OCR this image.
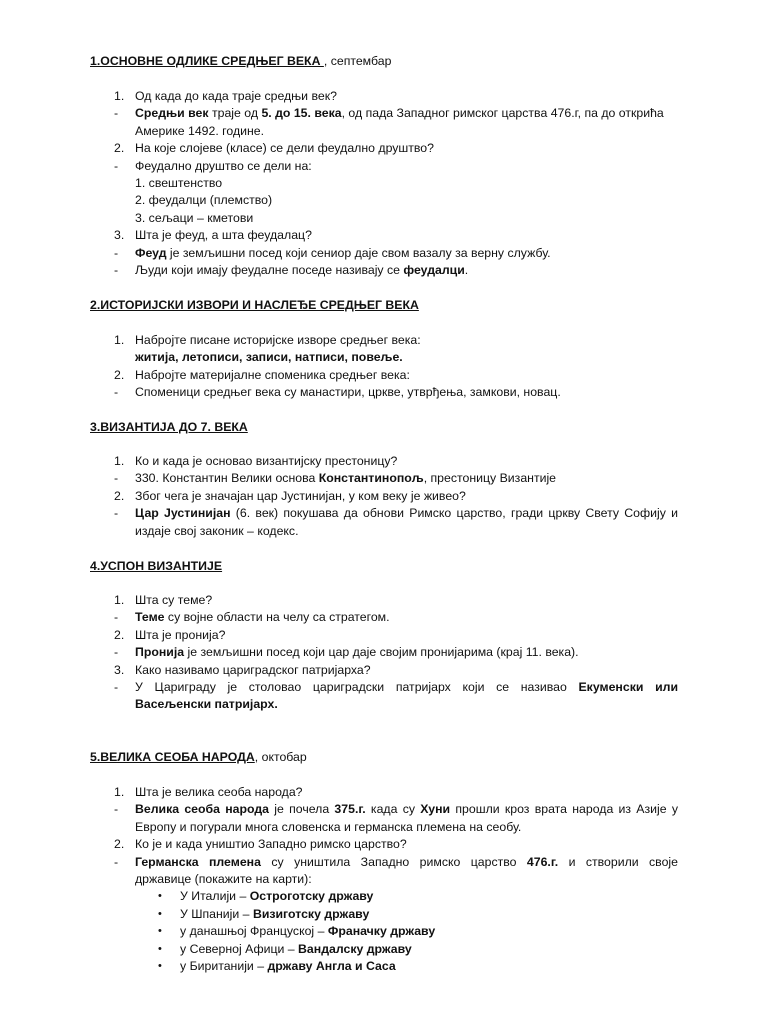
1.ОСНОВНЕ ОДЛИКЕ СРЕДЊЕГ ВЕКА , септембар
1. Од када до када траје средњи век?
- Средњи век траје од 5. до 15. века, од пада Западног римског царства 476.г, па до открића
Америке 1492. године.
2. На које слојеве (класе) се дели феудално друштво?
- Феудално друштво се дели на:
1. свештенство
2. феудалци (племство)
3. сељаци – кметови
3. Шта је феуд, а шта феудалац?
- Феуд је земљишни посед који сениор даје свом вазалу за верну службу.
- Људи који имају феудалне поседе називају се феудалци.
2.ИСТОРИЈСКИ ИЗВОРИ И НАСЛЕЂЕ СРЕДЊЕГ ВЕКА
1. Набројте писане историјске изворе средњег века:
житија, летописи, записи, натписи, повеље.
2. Набројте материјалне споменика средњег века:
- Споменици средњег века су манастири, цркве, утврђења, замкови, новац.
3.ВИЗАНТИЈА ДО 7. ВЕКА
1. Ко и када је основао византијску престоницу?
- 330. Константин Велики основа Константинопољ, престоницу Византије
2. Због чега је значајан цар Јустинијан, у ком веку је живео?
- Цар Јустинијан (6. век) покушава да обнови Римско царство, гради цркву Свету Софију и
издаје свој законик – кодекс.
4.УСПОН ВИЗАНТИЈЕ
1. Шта су теме?
- Теме су војне области на челу са стратегом.
2. Шта је пронија?
- Пронија је земљишни посед који цар даје својим пронијарима (крај 11. века).
3. Како називамо цариградског патријарха?
- У Цариграду је столовао цариградски патријарх који се називао Екуменски или
Васељенски патријарх.
5.ВЕЛИКА СЕОБА НАРОДА, октобар
1. Шта је велика сеоба народа?
- Велика сеоба народа је почела 375.г. када су Хуни прошли кроз врата народа из Азије у
Европу и погурали многа словенска и германска племена на сеобу.
2. Ко је и када уништио Западно римско царство?
- Германска племена су уништила Западно римско царство 476.г. и створили своје
државице (покажите на карти):
• У Италији – Остроготску државу
• У Шпанији – Визиготску државу
• у данашњој Француској – Франачку државу
• у Северној Афици – Вандалску државу
• у Биританији – државу Англа и Саса
